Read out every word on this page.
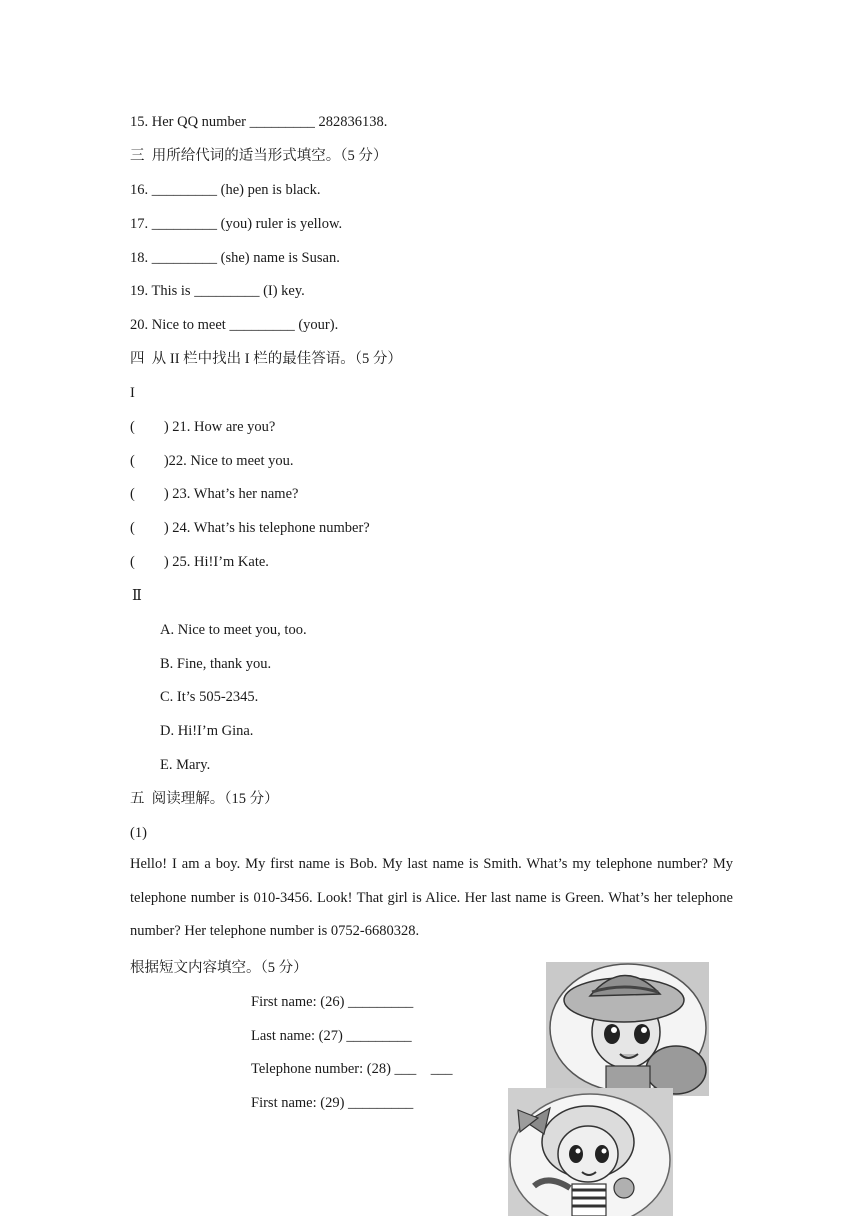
15. Her QQ number _________ 282836138.
三  用所给代词的适当形式填空。（5 分）
16. _________ (he) pen is black.
17. _________ (you) ruler is yellow.
18. _________ (she) name is Susan.
19. This is _________ (I) key.
20. Nice to meet _________ (your).
四  从 II 栏中找出 I 栏的最佳答语。（5 分）
I
(        ) 21. How are you?
(        )22. Nice to meet you.
(        ) 23. What’s her name?
(        ) 24. What’s his telephone number?
(        ) 25. Hi!I’m Kate.
Ⅱ
A. Nice to meet you, too.
B. Fine, thank you.
C. It’s 505-2345.
D. Hi!I’m Gina.
E. Mary.
五  阅读理解。（15 分）
(1)
Hello! I am a boy. My first name is Bob. My last name is Smith. What’s my telephone number? My telephone number is 010-3456. Look! That girl is Alice. Her last name is Green. What’s her telephone number? Her telephone number is 0752-6680328.
根据短文内容填空。（5 分）
First name: (26) _________
Last name: (27) _________
Telephone number: (28) ___    ___
First name: (29) _________
